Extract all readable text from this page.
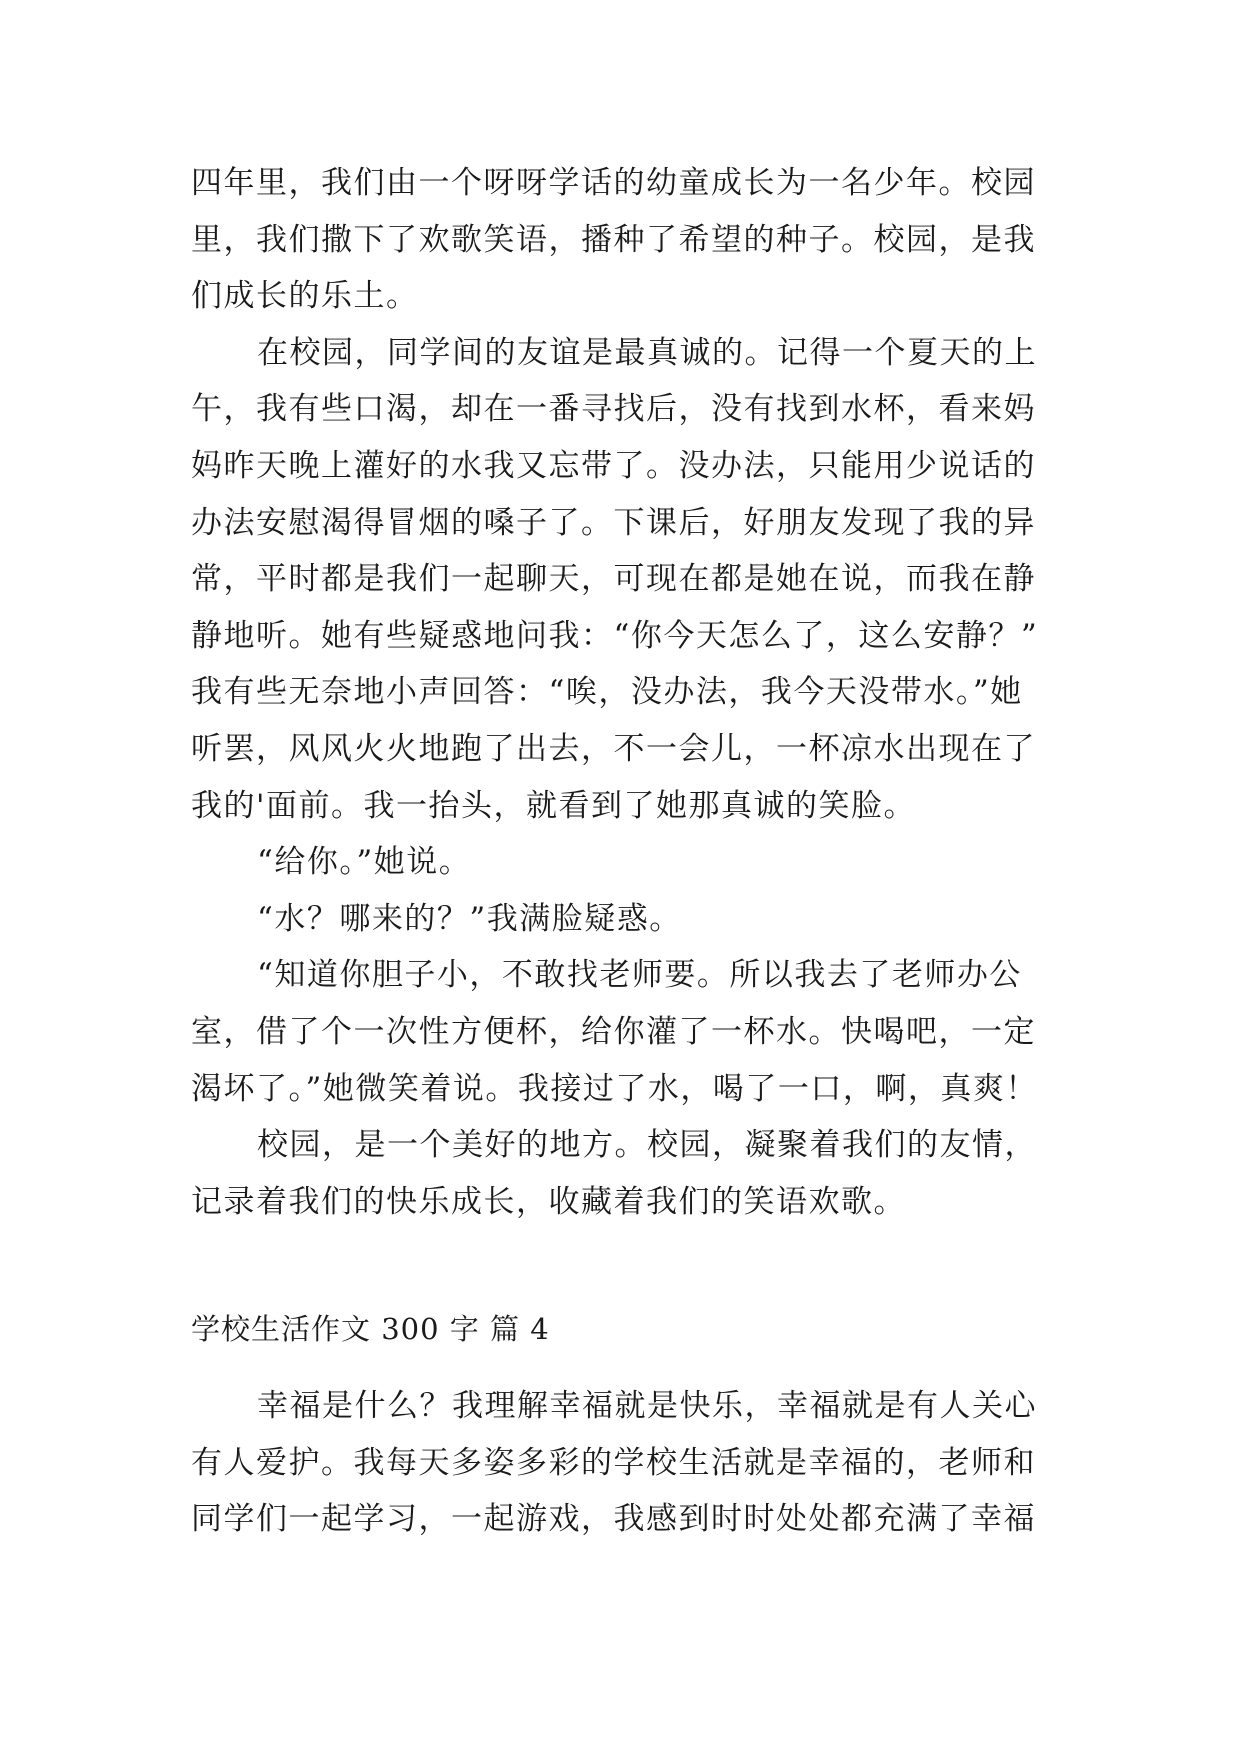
四年里，我们由一个呀呀学话的幼童成长为一名少年。校园
里，我们撒下了欢歌笑语，播种了希望的种子。校园，是我
们成长的乐土。
在校园，同学间的友谊是最真诚的。记得一个夏天的上
午，我有些口渴，却在一番寻找后，没有找到水杯，看来妈
妈昨天晚上灌好的水我又忘带了。没办法，只能用少说话的
办法安慰渴得冒烟的嗓子了。下课后，好朋友发现了我的异
常，平时都是我们一起聊天，可现在都是她在说，而我在静
静地听。她有些疑惑地问我：“你今天怎么了，这么安静？”
我有些无奈地小声回答：“唉，没办法，我今天没带水。”她
听罢，风风火火地跑了出去，不一会儿，一杯凉水出现在了
我的'面前。我一抬头，就看到了她那真诚的笑脸。
“给你。”她说。
“水？哪来的？”我满脸疑惑。
“知道你胆子小，不敢找老师要。所以我去了老师办公
室，借了个一次性方便杯，给你灌了一杯水。快喝吧，一定
渴坏了。”她微笑着说。我接过了水，喝了一口，啊，真爽！
校园，是一个美好的地方。校园，凝聚着我们的友情，
记录着我们的快乐成长，收藏着我们的笑语欢歌。
学校生活作文 300 字 篇 4
幸福是什么？我理解幸福就是快乐，幸福就是有人关心
有人爱护。我每天多姿多彩的学校生活就是幸福的，老师和
同学们一起学习，一起游戏，我感到时时处处都充满了幸福
